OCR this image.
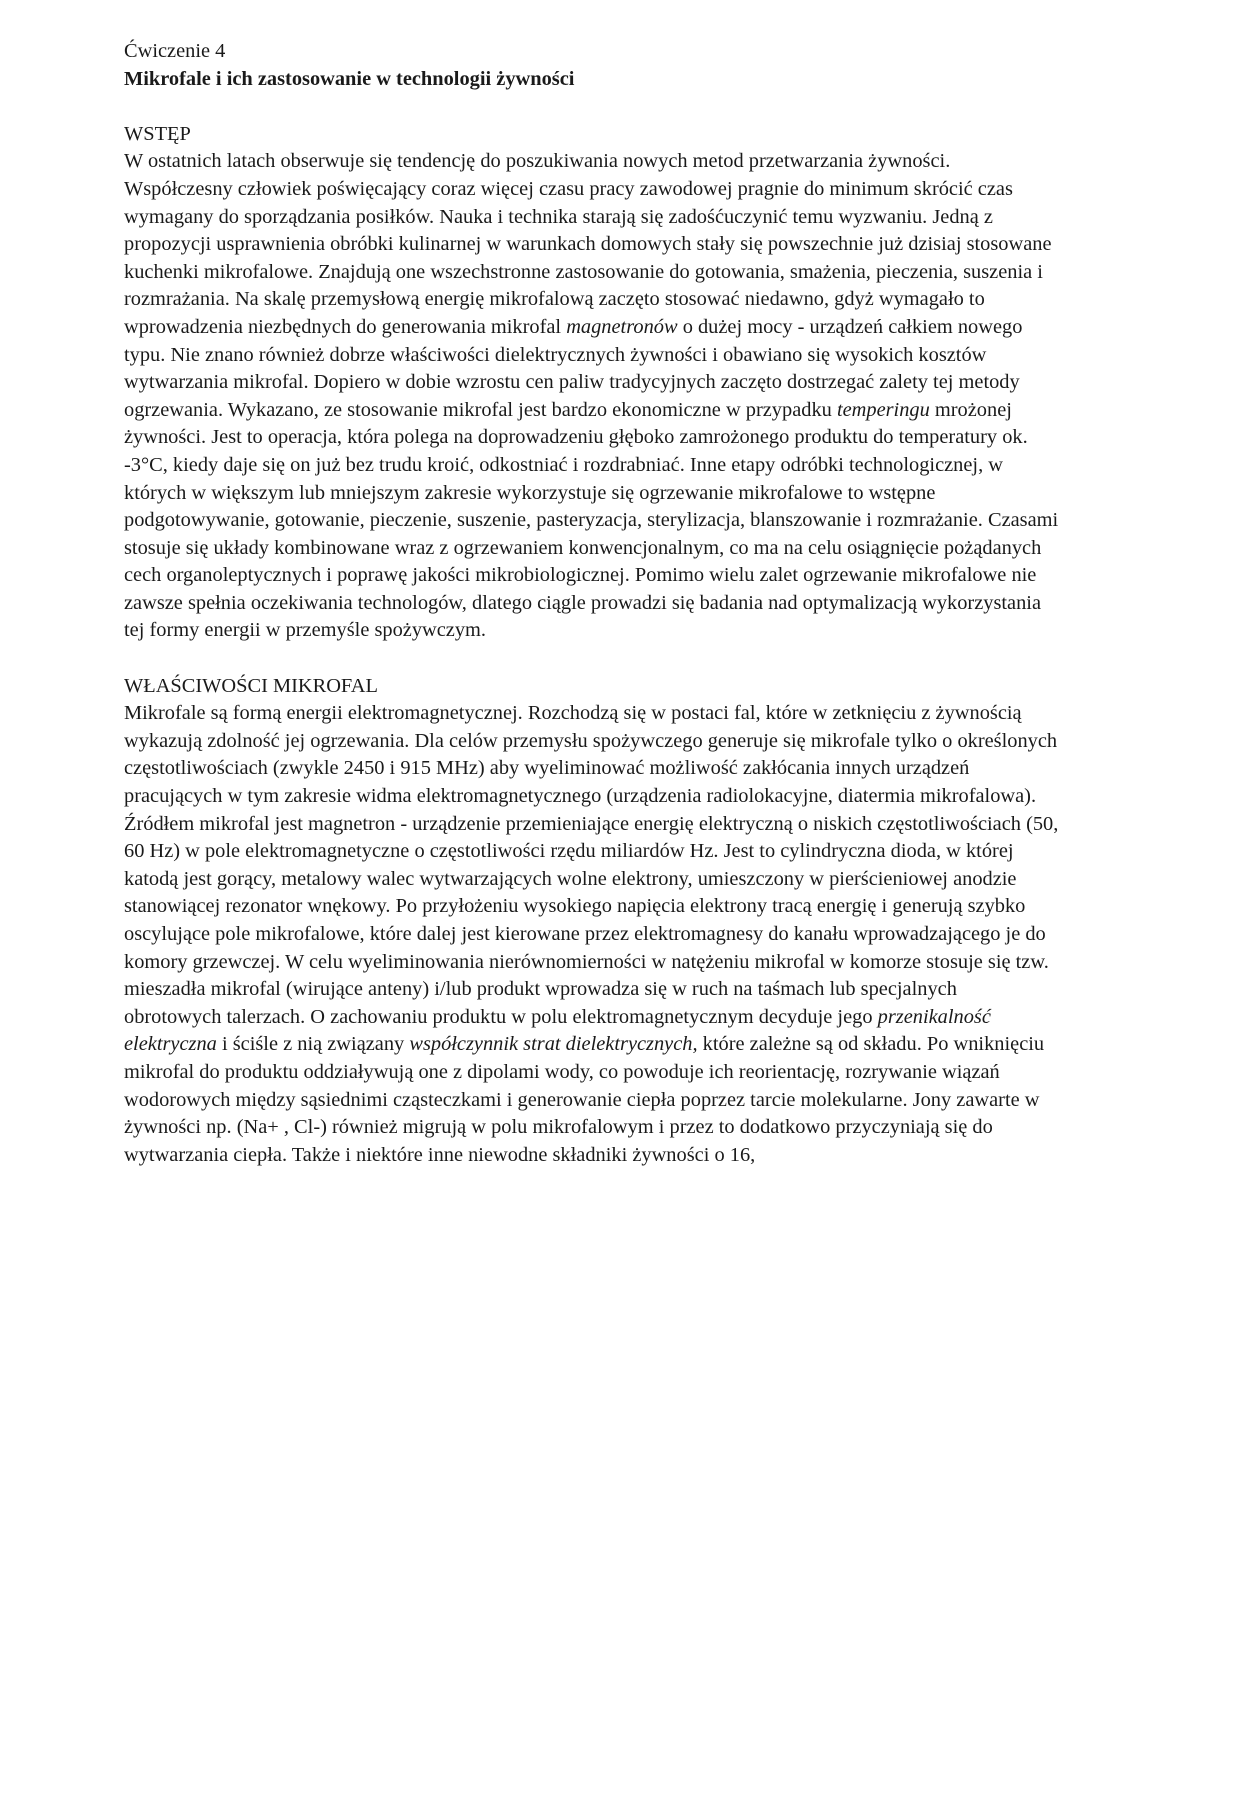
Ćwiczenie 4
Mikrofale i ich zastosowanie w technologii żywności
WSTĘP
W ostatnich latach obserwuje się tendencję do poszukiwania nowych metod przetwarzania żywności.
Współczesny człowiek poświęcający coraz więcej czasu pracy zawodowej pragnie do minimum skrócić czas
wymagany do sporządzania posiłków. Nauka i technika starają się zadośćuczynić temu wyzwaniu. Jedną z
propozycji usprawnienia obróbki kulinarnej w warunkach domowych stały się powszechnie już dzisiaj stosowane
kuchenki mikrofalowe. Znajdują one wszechstronne zastosowanie do gotowania, smażenia, pieczenia, suszenia i
rozmrażania. Na skalę przemysłową energię mikrofalową zaczęto stosować niedawno, gdyż wymagało to
wprowadzenia niezbędnych do generowania mikrofal magnetronów o dużej mocy - urządzeń całkiem nowego
typu. Nie znano również dobrze właściwości dielektrycznych żywności i obawiano się wysokich kosztów
wytwarzania mikrofal. Dopiero w dobie wzrostu cen paliw tradycyjnych zaczęto dostrzegać zalety tej metody
ogrzewania. Wykazano, ze stosowanie mikrofal jest bardzo ekonomiczne w przypadku temperingu mrożonej
żywności. Jest to operacja, która polega na doprowadzeniu głęboko zamrożonego produktu do temperatury ok.
-3°C, kiedy daje się on już bez trudu kroić, odkostniać i rozdrabniać. Inne etapy odróbki technologicznej, w
których w większym lub mniejszym zakresie wykorzystuje się ogrzewanie mikrofalowe to wstępne
podgotowywanie, gotowanie, pieczenie, suszenie, pasteryzacja, sterylizacja, blanszowanie i rozmrażanie. Czasami
stosuje się układy kombinowane wraz z ogrzewaniem konwencjonalnym, co ma na celu osiągnięcie pożądanych
cech organoleptycznych i poprawę jakości mikrobiologicznej. Pomimo wielu zalet ogrzewanie mikrofalowe nie
zawsze spełnia oczekiwania technologów, dlatego ciągle prowadzi się badania nad optymalizacją wykorzystania
tej formy energii w przemyśle spożywczym.
WŁAŚCIWOŚCI MIKROFAL
Mikrofale są formą energii elektromagnetycznej. Rozchodzą się w postaci fal, które w zetknięciu z żywnością
wykazują zdolność jej ogrzewania. Dla celów przemysłu spożywczego generuje się mikrofale tylko o określonych
częstotliwościach (zwykle 2450 i 915 MHz) aby wyeliminować możliwość zakłócania innych urządzeń
pracujących w tym zakresie widma elektromagnetycznego (urządzenia radiolokacyjne, diatermia mikrofalowa).
Źródłem mikrofal jest magnetron - urządzenie przemieniające energię elektryczną o niskich częstotliwościach (50,
60 Hz) w pole elektromagnetyczne o częstotliwości rzędu miliardów Hz. Jest to cylindryczna dioda, w której
katodą jest gorący, metalowy walec wytwarzających wolne elektrony, umieszczony w pierścieniowej anodzie
stanowiącej rezonator wnękowy. Po przyłożeniu wysokiego napięcia elektrony tracą energię i generują szybko
oscylujące pole mikrofalowe, które dalej jest kierowane przez elektromagnesy do kanału wprowadzającego je do
komory grzewczej. W celu wyeliminowania nierównomierności w natężeniu mikrofal w komorze stosuje się tzw.
mieszadła mikrofal (wirujące anteny) i/lub produkt wprowadza się w ruch na taśmach lub specjalnych
obrotowych talerzach. O zachowaniu produktu w polu elektromagnetycznym decyduje jego przenikalność
elektryczna i ściśle z nią związany współczynnik strat dielektrycznych, które zależne są od składu. Po wniknięciu
mikrofal do produktu oddziaływują one z dipolami wody, co powoduje ich reorientację, rozrywanie wiązań
wodorowych między sąsiednimi cząsteczkami i generowanie ciepła poprzez tarcie molekularne. Jony zawarte w
żywności np. (Na+ , Cl-) również migrują w polu mikrofalowym i przez to dodatkowo przyczyniają się do
wytwarzania ciepła. Także i niektóre inne niewodne składniki żywności o 16,
